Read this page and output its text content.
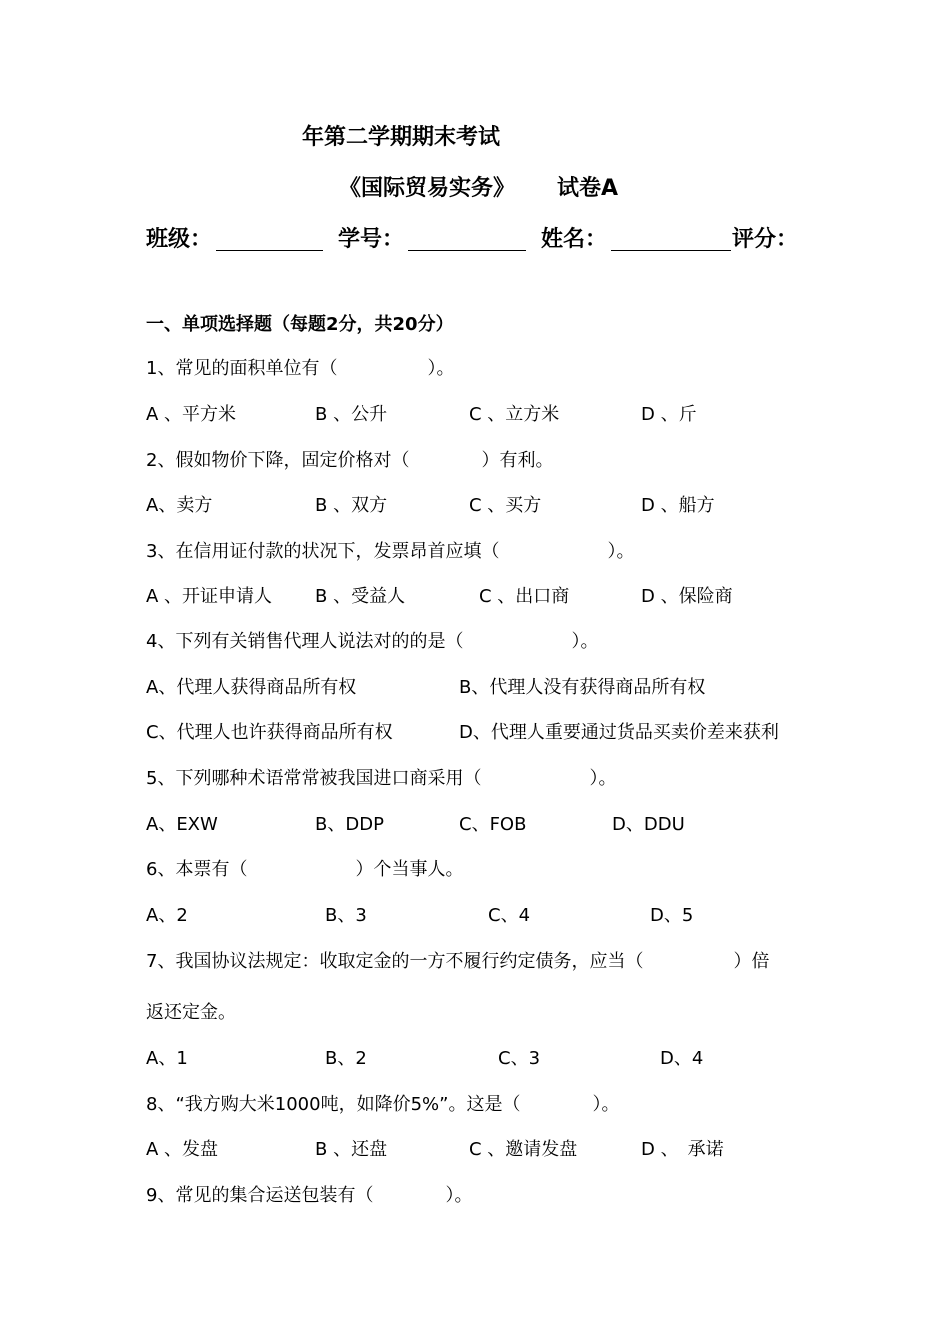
年第二学期期末考试
《国际贸易实务》 试卷A
班级：	学号：	姓名：	评分：
一、单项选择题（每题2分，共20分）
1、常见的面积单位有（　　　　　）。
A 、平方米	B 、公升	C 、立方米	D 、斤
2、假如物价下降，固定价格对（　　　　）有利。
A、卖方	B 、双方	C 、买方	D 、船方
3、在信用证付款的状况下，发票昂首应填（　　　　　　）。
A 、开证申请人 B 、受益人	C 、出口商	D 、保险商
4、下列有关销售代理人说法对的的是（　　　　　　）。
A、代理人获得商品所有权	B、代理人没有获得商品所有权
C、代理人也许获得商品所有权	D、代理人重要通过货品买卖价差来获利
5、下列哪种术语常常被我国进口商采用（　　　　　　）。
A、EXW	B、DDP	C、FOB	D、DDU
6、本票有（　　　　　　）个当事人。
A、2	B、3	C、4	D、5
7、我国协议法规定：收取定金的一方不履行约定债务，应当（　　　　　）倍
返还定金。
A、1	B、2	C、3	D、4
8、“我方购大米1000吨，如降价5%”。这是（　　　　）。
A 、发盘	B 、还盘	C 、邀请发盘	D 、　承诺
9、常见的集合运送包装有（　　　　）。
